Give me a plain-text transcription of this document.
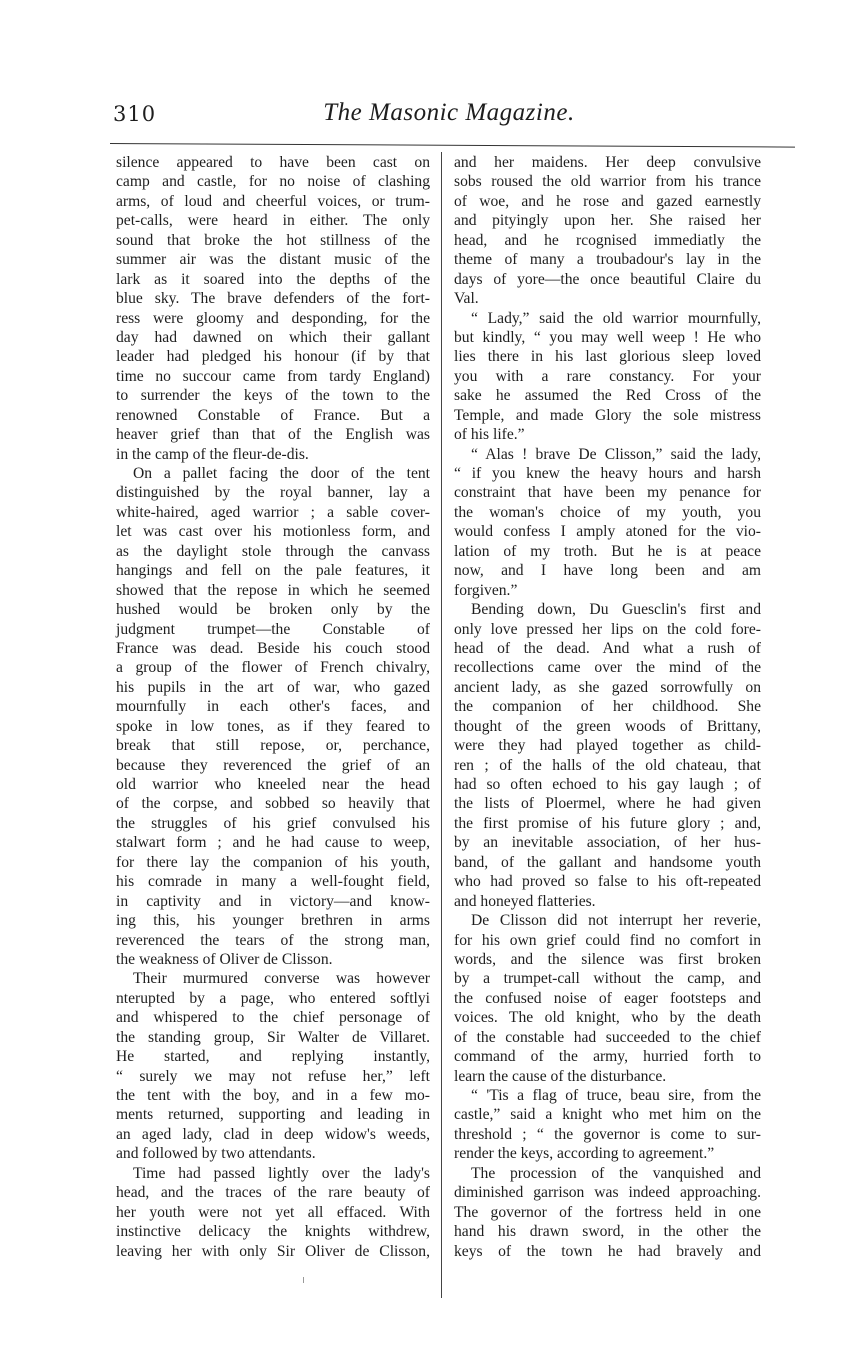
310	The Masonic Magazine.
silence appeared to have been cast on
camp and castle, for no noise of clashing
arms, of loud and cheerful voices, or trum-
pet-calls, were heard in either. The only
sound that broke the hot stillness of the
summer air was the distant music of the
lark as it soared into the depths of the
blue sky. The brave defenders of the fort-
ress were gloomy and desponding, for the
day had dawned on which their gallant
leader had pledged his honour (if by that
time no succour came from tardy England)
to surrender the keys of the town to the
renowned Constable of France. But a
heaver grief than that of the English was
in the camp of the fleur-de-dis.
On a pallet facing the door of the tent
distinguished by the royal banner, lay a
white-haired, aged warrior ; a sable cover-
let was cast over his motionless form, and
as the daylight stole through the canvass
hangings and fell on the pale features, it
showed that the repose in which he seemed
hushed would be broken only by the
judgment trumpet—the Constable of
France was dead. Beside his couch stood
a group of the flower of French chivalry,
his pupils in the art of war, who gazed
mournfully in each other's faces, and
spoke in low tones, as if they feared to
break that still repose, or, perchance,
because they reverenced the grief of an
old warrior who kneeled near the head
of the corpse, and sobbed so heavily that
the struggles of his grief convulsed his
stalwart form ; and he had cause to weep,
for there lay the companion of his youth,
his comrade in many a well-fought field,
in captivity and in victory—and know-
ing this, his younger brethren in arms
reverenced the tears of the strong man,
the weakness of Oliver de Clisson.
Their murmured converse was however
nterupted by a page, who entered softlyi
and whispered to the chief personage of
the standing group, Sir Walter de Villaret.
He started, and replying instantly,
“ surely we may not refuse her,” left
the tent with the boy, and in a few mo-
ments returned, supporting and leading in
an aged lady, clad in deep widow's weeds,
and followed by two attendants.
Time had passed lightly over the lady's
head, and the traces of the rare beauty of
her youth were not yet all effaced. With
instinctive delicacy the knights withdrew,
leaving her with only Sir Oliver de Clisson,
and her maidens. Her deep convulsive
sobs roused the old warrior from his trance
of woe, and he rose and gazed earnestly
and pityingly upon her. She raised her
head, and he rcognised immediatly the
theme of many a troubadour's lay in the
days of yore—the once beautiful Claire du
Val.
“ Lady,” said the old warrior mournfully,
but kindly, “ you may well weep ! He who
lies there in his last glorious sleep loved
you with a rare constancy. For your
sake he assumed the Red Cross of the
Temple, and made Glory the sole mistress
of his life.”
“ Alas ! brave De Clisson,” said the lady,
“ if you knew the heavy hours and harsh
constraint that have been my penance for
the woman's choice of my youth, you
would confess I amply atoned for the vio-
lation of my troth. But he is at peace
now, and I have long been and am
forgiven.”
Bending down, Du Guesclin's first and
only love pressed her lips on the cold fore-
head of the dead. And what a rush of
recollections came over the mind of the
ancient lady, as she gazed sorrowfully on
the companion of her childhood. She
thought of the green woods of Brittany,
were they had played together as child-
ren ; of the halls of the old chateau, that
had so often echoed to his gay laugh ; of
the lists of Ploermel, where he had given
the first promise of his future glory ; and,
by an inevitable association, of her hus-
band, of the gallant and handsome youth
who had proved so false to his oft-repeated
and honeyed flatteries.
De Clisson did not interrupt her reverie,
for his own grief could find no comfort in
words, and the silence was first broken
by a trumpet-call without the camp, and
the confused noise of eager footsteps and
voices. The old knight, who by the death
of the constable had succeeded to the chief
command of the army, hurried forth to
learn the cause of the disturbance.
“ 'Tis a flag of truce, beau sire, from the
castle,” said a knight who met him on the
threshold ; “ the governor is come to sur-
render the keys, according to agreement.”
The procession of the vanquished and
diminished garrison was indeed approaching.
The governor of the fortress held in one
hand his drawn sword, in the other the
keys of the town he had bravely and
